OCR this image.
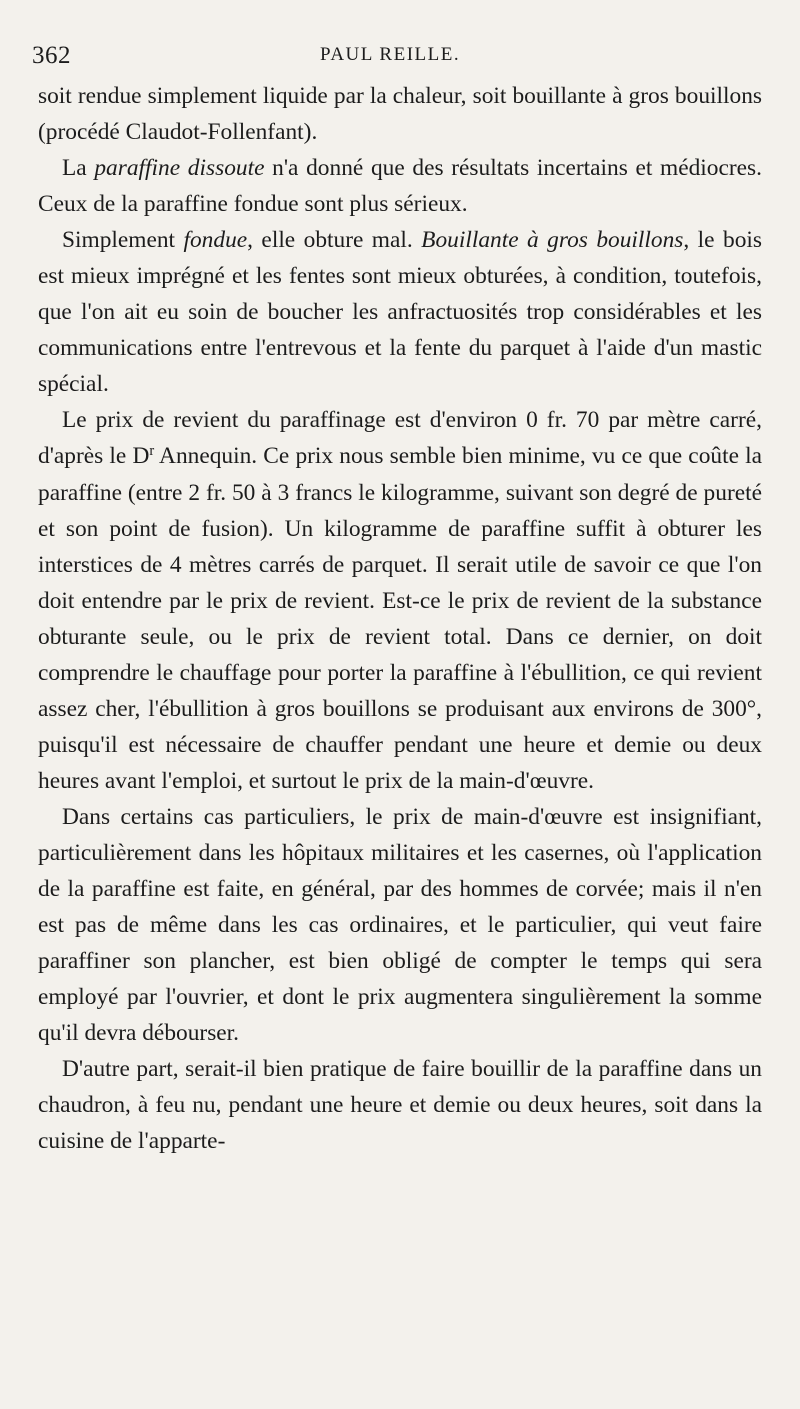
362	PAUL REILLE.

soit rendue simplement liquide par la chaleur, soit bouillante à gros bouillons (procédé Claudot-Follenfant).

La paraffine dissoute n'a donné que des résultats incertains et médiocres. Ceux de la paraffine fondue sont plus sérieux.

Simplement fondue, elle obture mal. Bouillante à gros bouillons, le bois est mieux imprégné et les fentes sont mieux obturées, à condition, toutefois, que l'on ait eu soin de boucher les anfractuosités trop considérables et les communications entre l'entrevous et la fente du parquet à l'aide d'un mastic spécial.

Le prix de revient du paraffinage est d'environ 0 fr. 70 par mètre carré, d'après le $D^r$ Annequin. Ce prix nous semble bien minime, vu ce que coûte la paraffine (entre 2 fr. 50 à 3 francs le kilogramme, suivant son degré de pureté et son point de fusion). Un kilogramme de paraffine suffit à obturer les interstices de 4 mètres carrés de parquet. Il serait utile de savoir ce que l'on doit entendre par le prix de revient. Est-ce le prix de revient de la substance obturante seule, ou le prix de revient total. Dans ce dernier, on doit comprendre le chauffage pour porter la paraffine à l'ébullition, ce qui revient assez cher, l'ébullition à gros bouillons se produisant aux environs de 300°, puisqu'il est nécessaire de chauffer pendant une heure et demie ou deux heures avant l'emploi, et surtout le prix de la main-d'œuvre.

Dans certains cas particuliers, le prix de main-d'œuvre est insignifiant, particulièrement dans les hôpitaux militaires et les casernes, où l'application de la paraffine est faite, en général, par des hommes de corvée; mais il n'en est pas de même dans les cas ordinaires, et le particulier, qui veut faire paraffiner son plancher, est bien obligé de compter le temps qui sera employé par l'ouvrier, et dont le prix augmentera singulièrement la somme qu'il devra débourser.

D'autre part, serait-il bien pratique de faire bouillir de la paraffine dans un chaudron, à feu nu, pendant une heure et demie ou deux heures, soit dans la cuisine de l'apparte-
